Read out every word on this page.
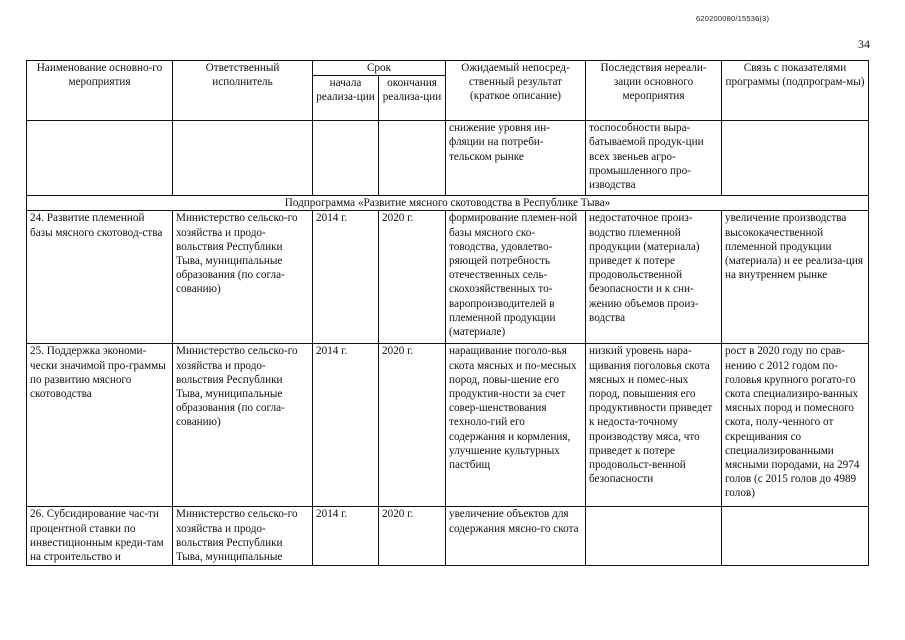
620200080/15536(3)
34
Наименование основно-го мероприятия	Ответственный исполнитель	Срок		Ожидаемый непосред-ственный результат (краткое описание)	Последствия нереали-зации основного мероприятия	Связь с показателями программы (подпрограм-мы)
		начала реализа-ции	окончания реализа-ции			
				снижение уровня ин-фляции на потреби-тельском рынке	тоспособности выра-батываемой продук-ции всех звеньев агро-промышленного про-изводства	
Подпрограмма «Развитие мясного скотоводства в Республике Тыва»						
24. Развитие племенной базы мясного скотовод-ства	Министерство сельско-го хозяйства и продо-вольствия Республики Тыва, муниципальные образования (по согла-сованию)	2014 г.	2020 г.	формирование племен-ной базы мясного ско-товодства, удовлетво-ряющей потребность отечественных сель-скохозяйственных то-варопроизводителей в племенной продукции (материале)	недостаточное произ-водство племенной продукции (материала) приведет к потере продовольственной безопасности и к сни-жению объемов произ-водства	увеличение производства высококачественной племенной продукции (материала) и ее реализа-ция на внутреннем рынке
25. Поддержка экономи-чески значимой про-граммы по развитию мясного скотоводства	Министерство сельско-го хозяйства и продо-вольствия Республики Тыва, муниципальные образования (по согла-сованию)	2014 г.	2020 г.	наращивание поголо-вья скота мясных и по-месных пород, повы-шение его продуктив-ности за счет совер-шенствования техноло-гий его содержания и кормления, улучшение культурных пастбищ	низкий уровень нара-щивания поголовья скота мясных и помес-ных пород, повышения его продуктивности приведет к недоста-точному производству мяса, что приведет к потере продовольст-венной безопасности	рост в 2020 году по срав-нению с 2012 годом по-головья крупного рогато-го скота специализиро-ванных мясных пород и помесного скота, полу-ченного от скрещивания со специализированными мясными породами, на 2974 голов (с 2015 голов до 4989 голов)
26. Субсидирование час-ти процентной ставки по инвестиционным креди-там на строительство и	Министерство сельско-го хозяйства и продо-вольствия Республики Тыва, муниципальные	2014 г.	2020 г.	увеличение объектов для содержания мясно-го скота		
